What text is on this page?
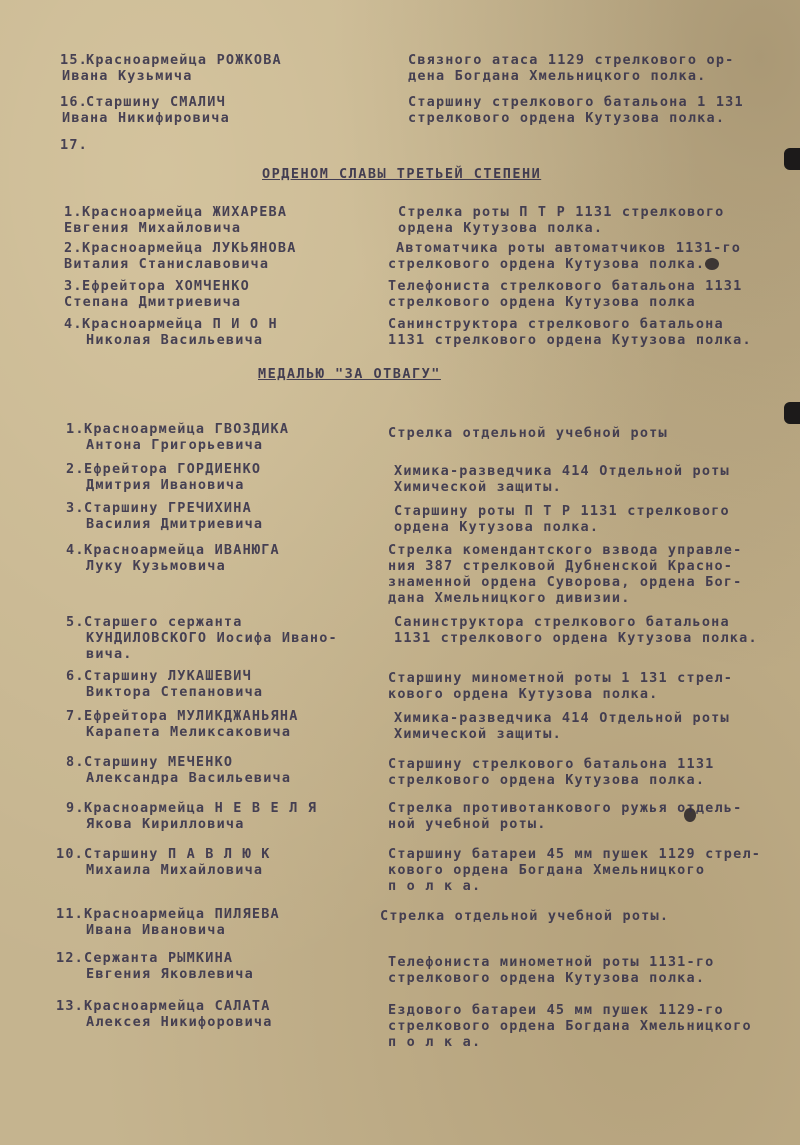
15.
Красноармейца РОЖКОВА
Ивана Кузьмича
Связного атаса 1129 стрелкового ор-
дена Богдана Хмельницкого полка.
16.
Старшину СМАЛИЧ
Ивана Никифировича
Старшину стрелкового батальона 1 131
стрелкового ордена Кутузова полка.
17.
ОРДЕНОМ СЛАВЫ ТРЕТЬЕЙ СТЕПЕНИ
1. Красноармейца ЖИХАРЕВА
Евгения Михайловича
Стрелка роты П Т Р 1131 стрелкового
ордена Кутузова полка.
2. Красноармейца ЛУКЬЯНОВА
Виталия Станиславовича
Автоматчика роты автоматчиков 1131-го
стрелкового ордена Кутузова полка.
3. Ефрейтора ХОМЧЕНКО
Степана Дмитриевича
Телефониста стрелкового батальона 1131
стрелкового ордена Кутузова полка
4. Красноармейца П И О Н
Николая Васильевича
Санинструктора стрелкового батальона
1131 стрелкового ордена Кутузова полка.
МЕДАЛЬЮ "ЗА ОТВАГУ"
1. Красноармейца ГВОЗДИКА
Антона Григорьевича
Стрелка отдельной учебной роты
2. Ефрейтора ГОРДИЕНКО
Дмитрия Ивановича
Химика-разведчика 414 Отдельной роты
Химической защиты.
3. Старшину ГРЕЧИХИНА
Василия Дмитриевича
Старшину роты П Т Р 1131 стрелкового
ордена Кутузова полка.
4. Красноармейца ИВАНЮГА
Луку Кузьмовича
Стрелка комендантского взвода управле-
ния 387 стрелковой Дубненской Красно-
знаменной ордена Суворова, ордена Бог-
дана Хмельницкого дивизии.
5. Старшего сержанта
КУНДИЛОВСКОГО Иосифа Ивано-
вича.
Санинструктора стрелкового батальона
1131 стрелкового ордена Кутузова полка.
6. Старшину ЛУКАШЕВИЧ
Виктора Степановича
Старшину минометной роты 1 131 стрел-
кового ордена Кутузова полка.
7. Ефрейтора МУЛИКДЖАНЬЯНА
Карапета Меликсаковича
Химика-разведчика 414 Отдельной роты
Химической защиты.
8. Старшину МЕЧЕНКО
Александра Васильевича
Старшину стрелкового батальона 1131
стрелкового ордена Кутузова полка.
9. Красноармейца Н Е В Е Л Я
Якова Кирилловича
Стрелка противотанкового ружья отдель-
ной учебной роты.
10. Старшину П А В Л Ю К
Михаила Михайловича
Старшину батареи 45 мм пушек 1129 стрел-
кового ордена Богдана Хмельницкого
п о л к а.
11. Красноармейца ПИЛЯЕВА
Ивана Ивановича
Стрелка отдельной учебной роты.
12. Сержанта РЫМКИНА
Евгения Яковлевича
Телефониста минометной роты 1131-го
стрелкового ордена Кутузова полка.
13. Красноармейца САЛАТА
Алексея Никифоровича
Ездового батареи 45 мм пушек 1129-го
стрелкового ордена Богдана Хмельницкого
п о л к а.
